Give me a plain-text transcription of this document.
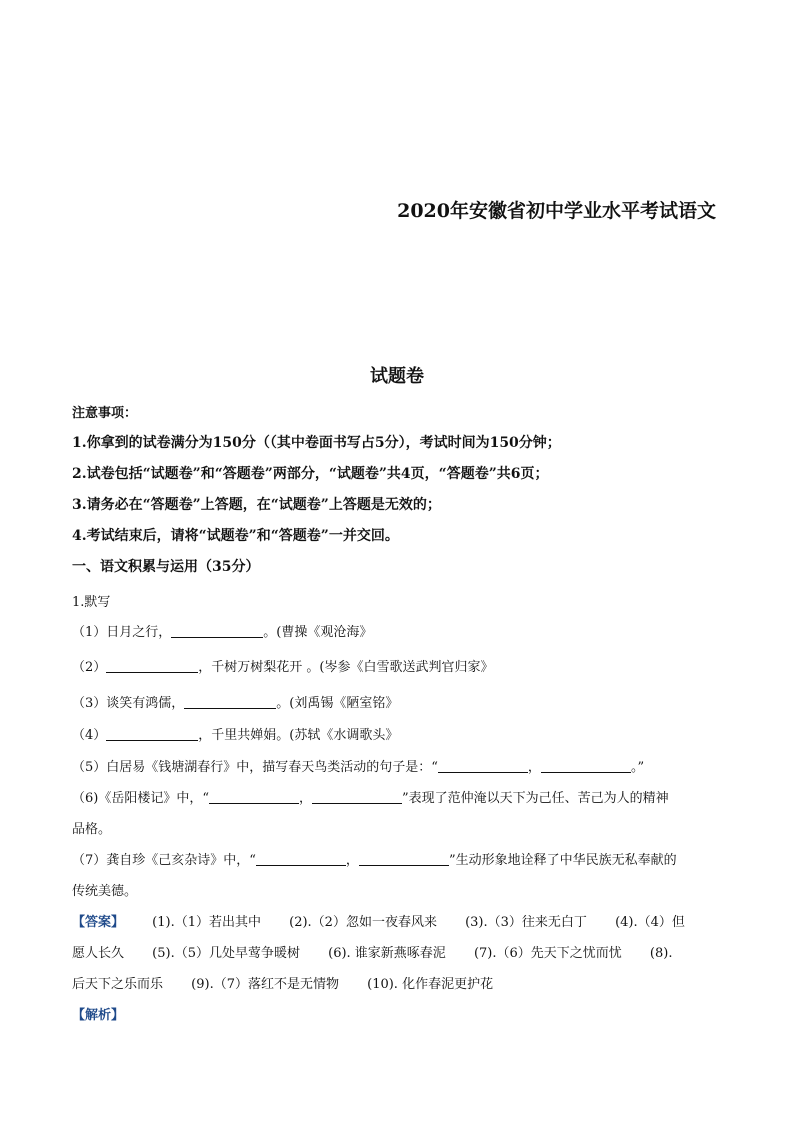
2020年安徽省初中学业水平考试语文
试题卷
注意事项：
1.你拿到的试卷满分为150分（（其中卷面书写占5分），考试时间为150分钟；
2.试卷包括“试题卷”和“答题卷”两部分，“试题卷”共4页，“答题卷”共6页；
3.请务必在“答题卷”上答题，在“试题卷”上答题是无效的；
4.考试结束后，请将“试题卷”和“答题卷”一并交回。
一、语文积累与运用（35分）
1.默写
（1）日月之行，	。(曹操《观沧海》
（2）	，千树万树梨花开 。(岑参《白雪歌送武判官归家》
（3）谈笑有鸿儒，	。(刘禹锡《陋室铭》
（4）	，千里共婵娟。(苏轼《水调歌头》
（5）白居易《钱塘湖春行》中，描写春天鸟类活动的句子是：“	，	。”
（6)《岳阳楼记》中，“	，	”表现了范仲淹以天下为己任、苦己为人的精神
品格。
（7）龚自珍《己亥杂诗》中，“	，	”生动形象地诠释了中华民族无私奉献的
传统美德。
【答案】 (1).（1）若出其中 (2).（2）忽如一夜春风来 (3).（3）往来无白丁 (4).（4）但
愿人长久 (5).（5）几处早莺争暖树 (6). 谁家新燕啄春泥 (7).（6）先天下之忧而忧 (8).
后天下之乐而乐 (9).（7）落红不是无情物 (10). 化作春泥更护花
【解析】
